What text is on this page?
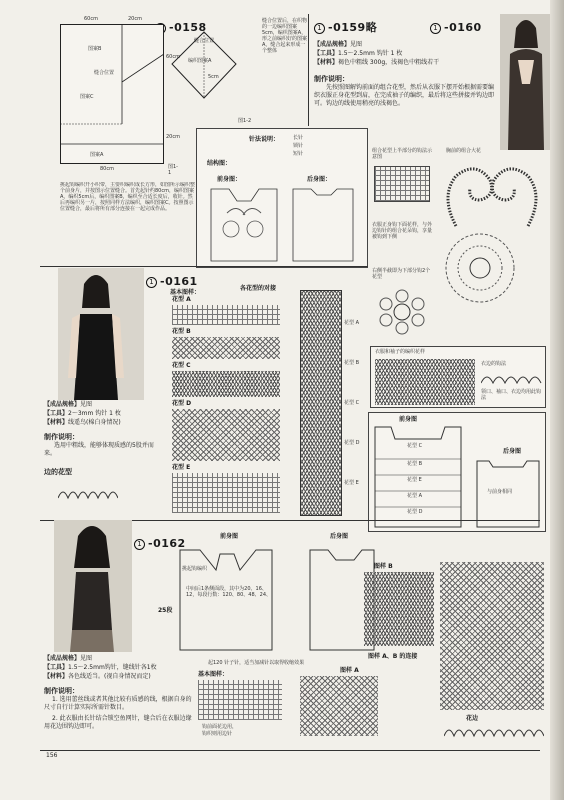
-0158
60cm	20cm
60cm
20cm
80cm
图案B
缝合位置
图案C
图案A
图1-1
缝合位置
编织图案A
5cm
缝合位置后，在织物的一边编织图案5cm，编织图案A，形之前编织好的图案A，缝合起来形成一个整体
图1-2
挑起钩编织开小织带，主要织编织成长方形，如图所示编织整个前身片，并按图示位置缝合。首先起针约80cm，编织图案A，编织5cm后，编织图案B，编织至合适长度后，收针。然后再编织另一片，按照同样方法编织，编织图案C。按照图示位置缝合，最后将所有部分连接在一起完成作品。
1 -0159略	1 -0160
【成品规格】见图
【工具】1.5～2.5mm 钩针 1 枚
【材料】褐色中粗线 300g，浅褐色中粗线若干
制作说明：
先按照图解钩前面的组合花型，然后从衣服下摆开始根据需要编织衣服正身花型到肩，在完成袖子的编织，最后将这些拼接并钩边即可。钩边的线使用稍亮的浅褐色。
针法说明：	长针
锁针
短针
结构图：
前身图：	后身图：
组合花型上半部分的钩法示意图
胸前的组合大花
衣服正身钩下面花样，与外边钩针的组合花朵钩，享量被钩到下侧
右侧半截即为下部分钩2个花型
衣服和袖子的编织花样
衣边的钩法
领口、袖口、衣边均用此钩法
1 -0161
基本图样：
各花型的对接
花型 A
花型 B
花型 C
花型 D
花型 E
花型 A
花型 B
花型 C
花型 D
花型 E
【成品规格】见图
【工具】2～3mm 钩针 1 枚
【材料】线遥鸟(棉白身情况)
制作说明：
选用中粗线，能够体现质感的5股并而来。
边的花型
前身图
花型 C
花型 B
花型 E
花型 A
花型 D
后身图
与前身相同
1 -0162
前身图	后身图
挑起钩编织
中间后1条侧面段，其中为20、16、12，每段行数：120、80、48、24、
25段
起120 针子针，适当加减针以取得收缩效果
【成品规格】见图
【工具】1.5～2.5mm钩针，缝线针各1枚
【材料】各色线适当。(视自身情况而定)
制作说明：
1. 选用蕾丝线或者其他比较有质感的线，根据自身的尺寸自行计算实际所需针数目。
2. 此衣服由长针结合锁空鱼网针，缝合后在衣服边缘用花边围钩边即可。
基本图样：
钩前面花边用，
钩织则用边针
图样 A
图样 B
图样 A、B 的连接
花边
156
